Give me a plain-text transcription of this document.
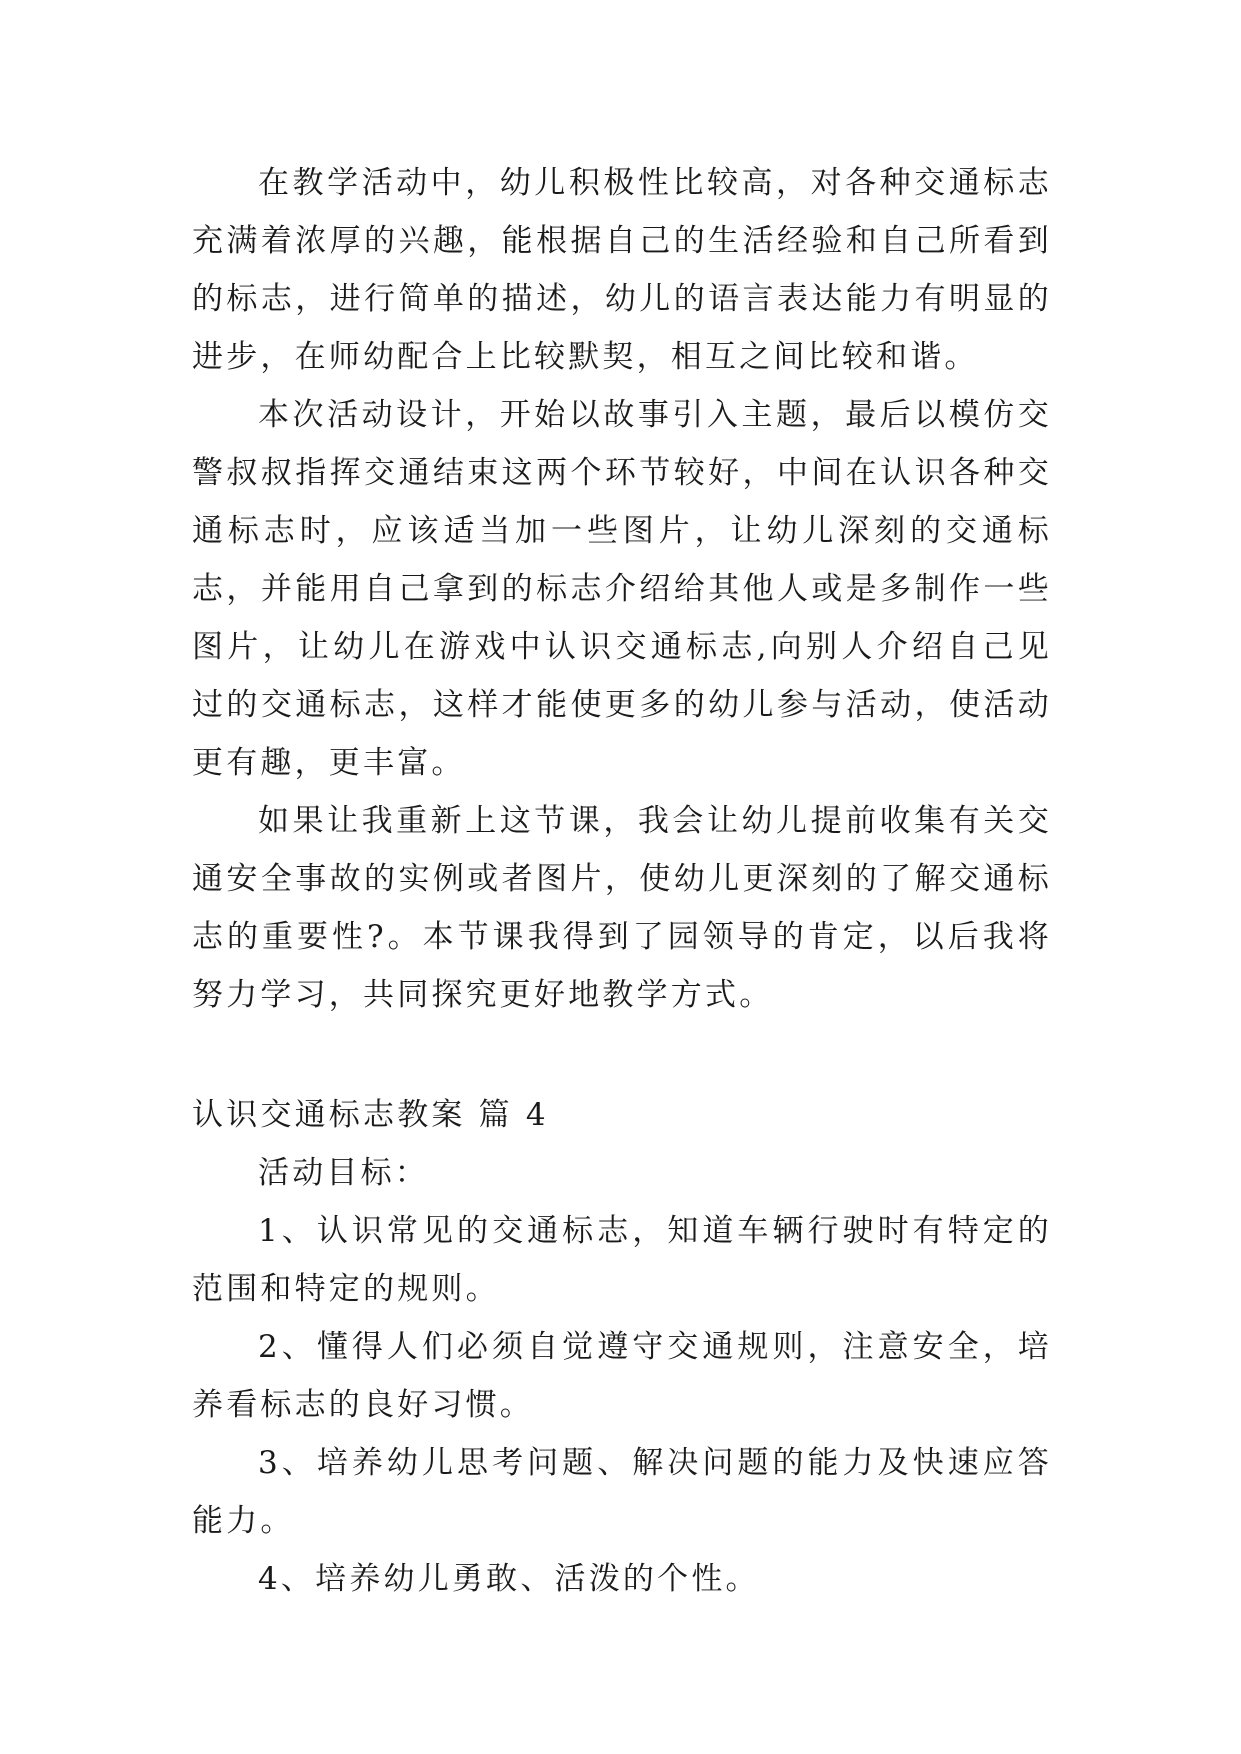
在教学活动中，幼儿积极性比较高，对各种交通标志充满着浓厚的兴趣，能根据自己的生活经验和自己所看到的标志，进行简单的描述，幼儿的语言表达能力有明显的进步，在师幼配合上比较默契，相互之间比较和谐。

本次活动设计，开始以故事引入主题，最后以模仿交警叔叔指挥交通结束这两个环节较好，中间在认识各种交通标志时，应该适当加一些图片，让幼儿深刻的交通标志，并能用自己拿到的标志介绍给其他人或是多制作一些图片，让幼儿在游戏中认识交通标志,向别人介绍自己见过的交通标志，这样才能使更多的幼儿参与活动，使活动更有趣，更丰富。

如果让我重新上这节课，我会让幼儿提前收集有关交通安全事故的实例或者图片，使幼儿更深刻的了解交通标志的重要性?。本节课我得到了园领导的肯定，以后我将努力学习，共同探究更好地教学方式。

认识交通标志教案 篇 4

活动目标：

1、认识常见的交通标志，知道车辆行驶时有特定的范围和特定的规则。

2、懂得人们必须自觉遵守交通规则，注意安全，培养看标志的良好习惯。

3、培养幼儿思考问题、解决问题的能力及快速应答能力。

4、培养幼儿勇敢、活泼的个性。
